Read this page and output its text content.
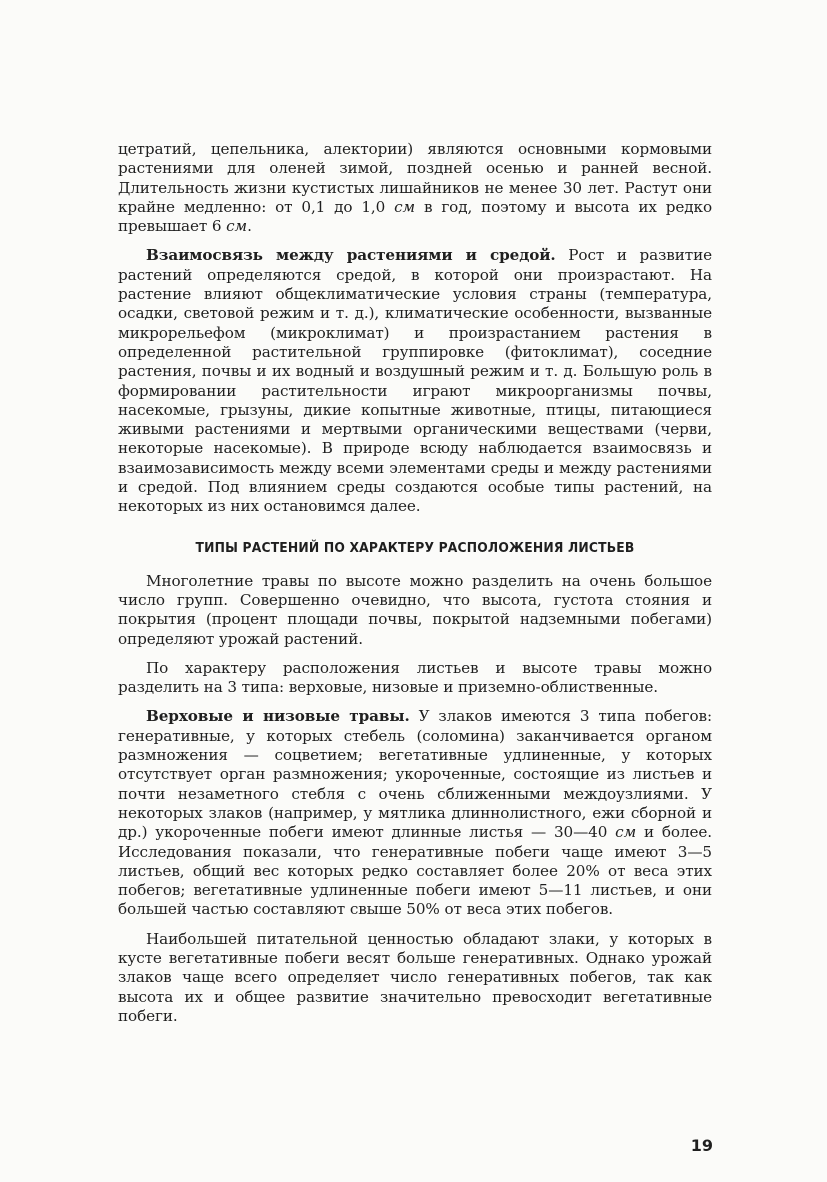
цетратий, цепельника, алектории) являются основными кормовыми растениями для оленей зимой, поздней осенью и ранней весной. Длительность жизни кустистых лишайников не менее 30 лет. Растут они крайне медленно: от 0,1 до 1,0 см в год, поэтому и высота их редко превышает 6 см.

Взаимосвязь между растениями и средой. Рост и развитие растений определяются средой, в которой они произрастают. На растение влияют общеклиматические условия страны (температура, осадки, световой режим и т. д.), климатические особенности, вызванные микрорельефом (микроклимат) и произрастанием растения в определенной растительной группировке (фитоклимат), соседние растения, почвы и их водный и воздушный режим и т. д. Большую роль в формировании растительности играют микроорганизмы почвы, насекомые, грызуны, дикие копытные животные, птицы, питающиеся живыми растениями и мертвыми органическими веществами (черви, некоторые насекомые). В природе всюду наблюдается взаимосвязь и взаимозависимость между всеми элементами среды и между растениями и средой. Под влиянием среды создаются особые типы растений, на некоторых из них остановимся далее.

ТИПЫ РАСТЕНИЙ ПО ХАРАКТЕРУ РАСПОЛОЖЕНИЯ ЛИСТЬЕВ

Многолетние травы по высоте можно разделить на очень большое число групп. Совершенно очевидно, что высота, густота стояния и покрытия (процент площади почвы, покрытой надземными побегами) определяют урожай растений.

По характеру расположения листьев и высоте травы можно разделить на 3 типа: верховые, низовые и приземно-облиственные.

Верховые и низовые травы. У злаков имеются 3 типа побегов: генеративные, у которых стебель (соломина) заканчивается органом размножения — соцветием; вегетативные удлиненные, у которых отсутствует орган размножения; укороченные, состоящие из листьев и почти незаметного стебля с очень сближенными междоузлиями. У некоторых злаков (например, у мятлика длиннолистного, ежи сборной и др.) укороченные побеги имеют длинные листья — 30—40 см и более. Исследования показали, что генеративные побеги чаще имеют 3—5 листьев, общий вес которых редко составляет более 20% от веса этих побегов; вегетативные удлиненные побеги имеют 5—11 листьев, и они большей частью составляют свыше 50% от веса этих побегов.

Наибольшей питательной ценностью обладают злаки, у которых в кусте вегетативные побеги весят больше генеративных. Однако урожай злаков чаще всего определяет число генеративных побегов, так как высота их и общее развитие значительно превосходит вегетативные побеги.

19
